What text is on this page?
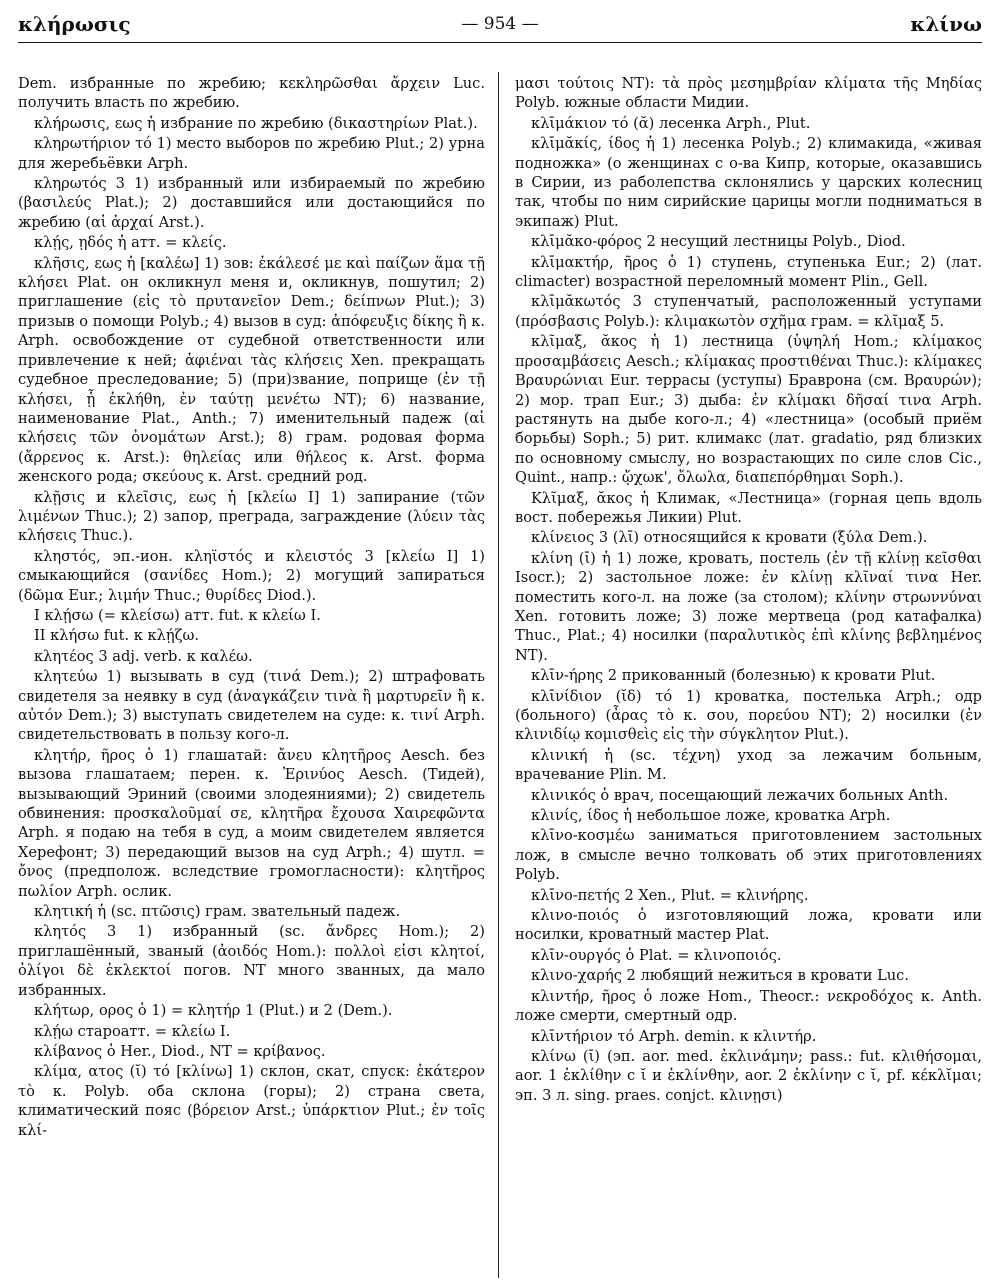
κλήρωσις	— 954 —	κλίνω

Dem. избранные по жребию; κεκληρῶσθαι ἄρχειν Luc. получить власть по жребию.

κλήρωσις, εως ἡ избрание по жребию (δικαστηρίων Plat.).

κληρωτήριον τό 1) место выборов по жребию Plut.; 2) урна для жеребьёвки Arph.

κληρωτός 3 1) избранный или избираемый по жребию (βασιλεύς Plat.); 2) доставшийся или достающийся по жребию (αἱ ἀρχαί Arst.).

κλῄς, ῃδός ἡ атт. = κλείς.

κλῆσις, εως ἡ [καλέω] 1) зов: ἐκάλεσέ με καὶ παίζων ἅμα τῇ κλήσει Plat. он окликнул меня и, окликнув, пошутил; 2) приглашение (εἰς τὸ πρυτανεῖον Dem.; δείπνων Plut.); 3) призыв о помощи Polyb.; 4) вызов в суд: ἀπόφευξις δίκης ἢ κ. Arph. освобождение от судебной ответственности или привлечение к ней; ἀφιέναι τὰς κλήσεις Xen. прекращать судебное преследование; 5) (при)звание, поприще (ἐν τῇ κλήσει, ᾗ ἐκλήθη, ἐν ταύτῃ μενέτω NT); 6) название, наименование Plat., Anth.; 7) именительный падеж (αἱ κλήσεις τῶν ὀνομάτων Arst.); 8) грам. родовая форма (ἄρρενος κ. Arst.): θηλείας или θήλεος κ. Arst. форма женского рода; σκεύους κ. Arst. средний род.

κλῇσις и κλεῖσις, εως ἡ [κλείω I] 1) запирание (τῶν λιμένων Thuc.); 2) запор, преграда, заграждение (λύειν τὰς κλήσεις Thuc.).

κληστός, эп.-ион. κληϊστός и κλειστός 3 [κλείω I] 1) смыкающийся (σανίδες Hom.); 2) могущий запираться (δῶμα Eur.; λιμήν Thuc.; θυρίδες Diod.).

I κλῄσω (= κλείσω) атт. fut. к κλείω I.

II κλήσω fut. к κλῄζω.

κλητέος 3 adj. verb. к καλέω.

κλητεύω 1) вызывать в суд (τινά Dem.); 2) штрафовать свидетеля за неявку в суд (ἀναγκάζειν τινὰ ἢ μαρτυρεῖν ἢ κ. αὐτόν Dem.); 3) выступать свидетелем на суде: κ. τινί Arph. свидетельствовать в пользу кого-л.

κλητήρ, ῆρος ὁ 1) глашатай: ἄνευ κλητῆρος Aesch. без вызова глашатаем; перен. κ. Ἐρινύος Aesch. (Тидей), вызывающий Эриний (своими злодеяниями); 2) свидетель обвинения: προσκαλοῦμαί σε, κλητῆρα ἔχουσα Χαιρεφῶντα Arph. я подаю на тебя в суд, а моим свидетелем является Херефонт; 3) передающий вызов на суд Arph.; 4) шутл. = ὄνος (предполож. вследствие громогласности): κλητῆρος πωλίον Arph. ослик.

κλητική ἡ (sc. πτῶσις) грам. звательный падеж.

κλητός 3 1) избранный (sc. ἄνδρες Hom.); 2) приглашённый, званый (ἀοιδός Hom.): πολλοὶ εἰσι κλητοί, ὀλίγοι δὲ ἐκλεκτοί погов. NT много званных, да мало избранных.

κλήτωρ, ορος ὁ 1) = κλητήρ 1 (Plut.) и 2 (Dem.).

κλῄω староатт. = κλείω I.

κλίβανος ὁ Her., Diod., NT = κρίβανος.

κλίμα, ατος (ῐ) τό [κλίνω] 1) склон, скат, спуск: ἑκάτερον τὸ κ. Polyb. оба склона (горы); 2) страна света, климатический пояс (βόρειον Arst.; ὑπάρκτιον Plut.; ἐν τοῖς κλί-

μασι τούτοις NT): τὰ πρὸς μεσημβρίαν κλίματα τῆς Μηδίας Polyb. южные области Мидии.

κλῑμάκιον τό (ᾰ) лесенка Arph., Plut.

κλῑμᾰκίς, ίδος ἡ 1) лесенка Polyb.; 2) климакида, «живая подножка» (о женщинах с о-ва Кипр, которые, оказавшись в Сирии, из раболепства склонялись у царских колесниц так, чтобы по ним сирийские царицы могли подниматься в экипаж) Plut.

κλῑμᾰκο-φόρος 2 несущий лестницы Polyb., Diod.

κλῑμακτήρ, ῆρος ὁ 1) ступень, ступенька Eur.; 2) (лат. climacter) возрастной переломный момент Plin., Gell.

κλῑμᾰκωτός 3 ступенчатый, расположенный уступами (πρόσβασις Polyb.): κλιμακωτὸν σχῆμα грам. = κλῖμαξ 5.

κλῖμαξ, ᾰκος ἡ 1) лестница (ὑψηλή Hom.; κλίμακος προσαμβάσεις Aesch.; κλίμακας προστιθέναι Thuc.): κλίμακες Βραυρώνιαι Eur. террасы (уступы) Браврона (см. Βραυρών); 2) мор. трап Eur.; 3) дыба: ἐν κλίμακι δῆσαί τινα Arph. растянуть на дыбе кого-л.; 4) «лестница» (особый приём борьбы) Soph.; 5) рит. климакс (лат. gradatio, ряд близких по основному смыслу, но возрастающих по силе слов Cic., Quint., напр.: ᾤχωκ', ὄλωλα, διαπεπόρθημαι Soph.).

Κλῖμαξ, ᾰκος ἡ Климак, «Лестница» (горная цепь вдоль вост. побережья Ликии) Plut.

κλίνειος 3 (λῑ) относящийся к кровати (ξύλα Dem.).

κλίνη (ῑ) ἡ 1) ложе, кровать, постель (ἐν τῇ κλίνῃ κεῖσθαι Isocr.); 2) застольное ложе: ἐν κλίνῃ κλῖναί τινα Her. поместить кого-л. на ложе (за столом); κλίνην στρωννύναι Xen. готовить ложе; 3) ложе мертвеца (род катафалка) Thuc., Plat.; 4) носилки (παραλυτικὸς ἐπὶ κλίνης βεβλημένος NT).

κλῑν-ήρης 2 прикованный (болезнью) к кровати Plut.

κλῑνίδιον (ῐδ) τό 1) кроватка, постелька Arph.; одр (больного) (ἆρας τὸ κ. σου, πορεύου NT); 2) носилки (ἐν κλινιδίῳ κομισθεὶς εἰς τὴν σύγκλητον Plut.).

κλινική ἡ (sc. τέχνη) уход за лежачим больным, врачевание Plin. M.

κλινικός ὁ врач, посещающий лежачих больных Anth.

κλινίς, ίδος ἡ небольшое ложе, кроватка Arph.

κλῑνο-κοσμέω заниматься приготовлением застольных лож, в смысле вечно толковать об этих приготовлениях Polyb.

κλῑνο-πετής 2 Xen., Plut. = κλινήρης.

κλινο-ποιός ὁ изготовляющий ложа, кровати или носилки, кроватный мастер Plat.

κλῑν-ουργός ὁ Plat. = κλινοποιός.

κλινο-χαρής 2 любящий нежиться в кровати Luc.

κλιντήρ, ῆρος ὁ ложе Hom., Theocr.: νεκροδόχος κ. Anth. ложе смерти, смертный одр.

κλῑντήριον τό Arph. demin. к κλιντήρ.

κλίνω (ῑ) (эп. aor. med. ἐκλινάμην; pass.: fut. κλιθήσομαι, aor. 1 ἐκλίθην с ῐ и ἐκλίνθην, aor. 2 ἐκλίνην с ῐ, pf. κέκλῐμαι; эп. 3 л. sing. praes. conjct. κλινῃσι)
